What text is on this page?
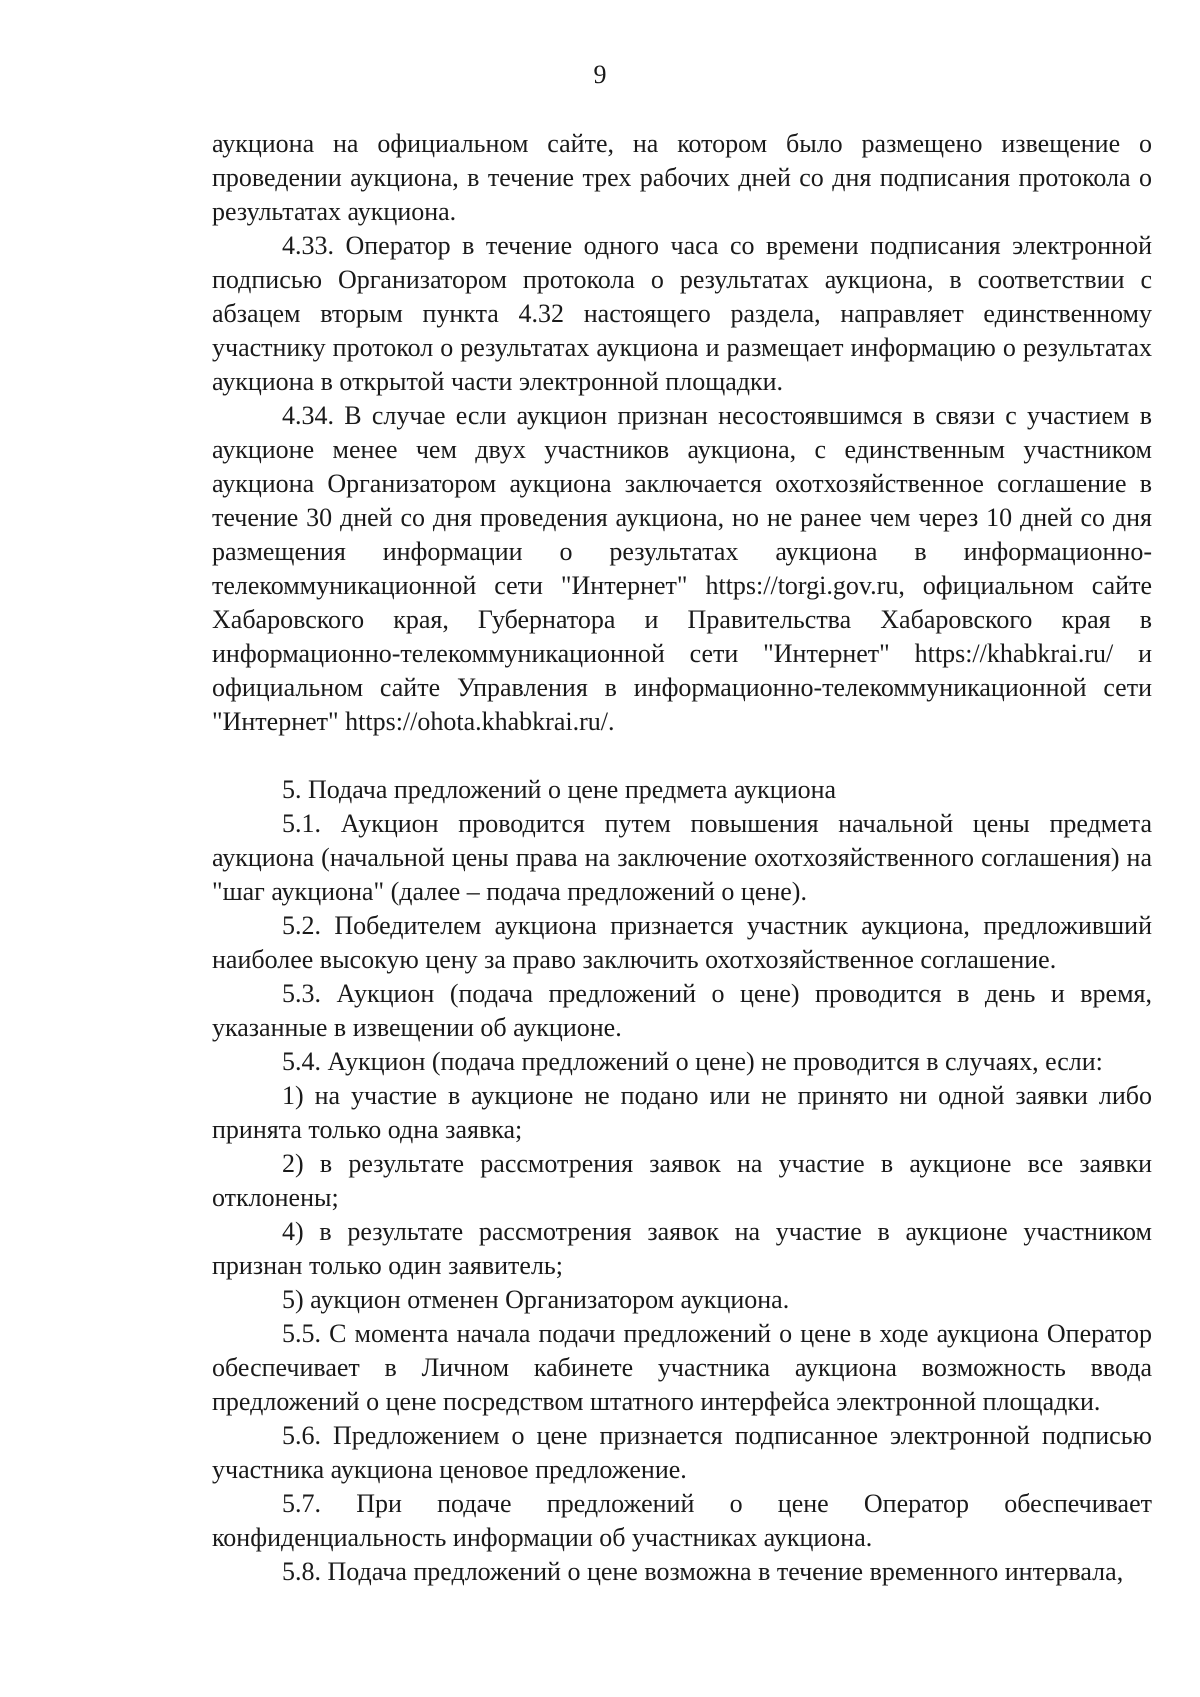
9

аукциона на официальном сайте, на котором было размещено извещение о проведении аукциона, в течение трех рабочих дней со дня подписания протокола о результатах аукциона.

4.33. Оператор в течение одного часа со времени подписания электронной подписью Организатором протокола о результатах аукциона, в соответствии с абзацем вторым пункта 4.32 настоящего раздела, направляет единственному участнику протокол о результатах аукциона и размещает информацию о результатах аукциона в открытой части электронной площадки.

4.34. В случае если аукцион признан несостоявшимся в связи с участием в аукционе менее чем двух участников аукциона, с единственным участником аукциона Организатором аукциона заключается охотхозяйственное соглашение в течение 30 дней со дня проведения аукциона, но не ранее чем через 10 дней со дня размещения информации о результатах аукциона в информационно-телекоммуникационной сети "Интернет" https://torgi.gov.ru, официальном сайте Хабаровского края, Губернатора и Правительства Хабаровского края в информационно-телекоммуникационной сети "Интернет" https://khabkrai.ru/ и официальном сайте Управления в информационно-телекоммуникационной сети "Интернет" https://ohota.khabkrai.ru/.

5. Подача предложений о цене предмета аукциона

5.1. Аукцион проводится путем повышения начальной цены предмета аукциона (начальной цены права на заключение охотхозяйственного соглашения) на "шаг аукциона" (далее – подача предложений о цене).

5.2. Победителем аукциона признается участник аукциона, предложивший наиболее высокую цену за право заключить охотхозяйственное соглашение.

5.3. Аукцион (подача предложений о цене) проводится в день и время, указанные в извещении об аукционе.

5.4. Аукцион (подача предложений о цене) не проводится в случаях, если:

1) на участие в аукционе не подано или не принято ни одной заявки либо принята только одна заявка;

2) в результате рассмотрения заявок на участие в аукционе все заявки отклонены;

4) в результате рассмотрения заявок на участие в аукционе участником признан только один заявитель;

5) аукцион отменен Организатором аукциона.

5.5. С момента начала подачи предложений о цене в ходе аукциона Оператор обеспечивает в Личном кабинете участника аукциона возможность ввода предложений о цене посредством штатного интерфейса электронной площадки.

5.6. Предложением о цене признается подписанное электронной подписью участника аукциона ценовое предложение.

5.7. При подаче предложений о цене Оператор обеспечивает конфиденциальность информации об участниках аукциона.

5.8. Подача предложений о цене возможна в течение временного интервала,
